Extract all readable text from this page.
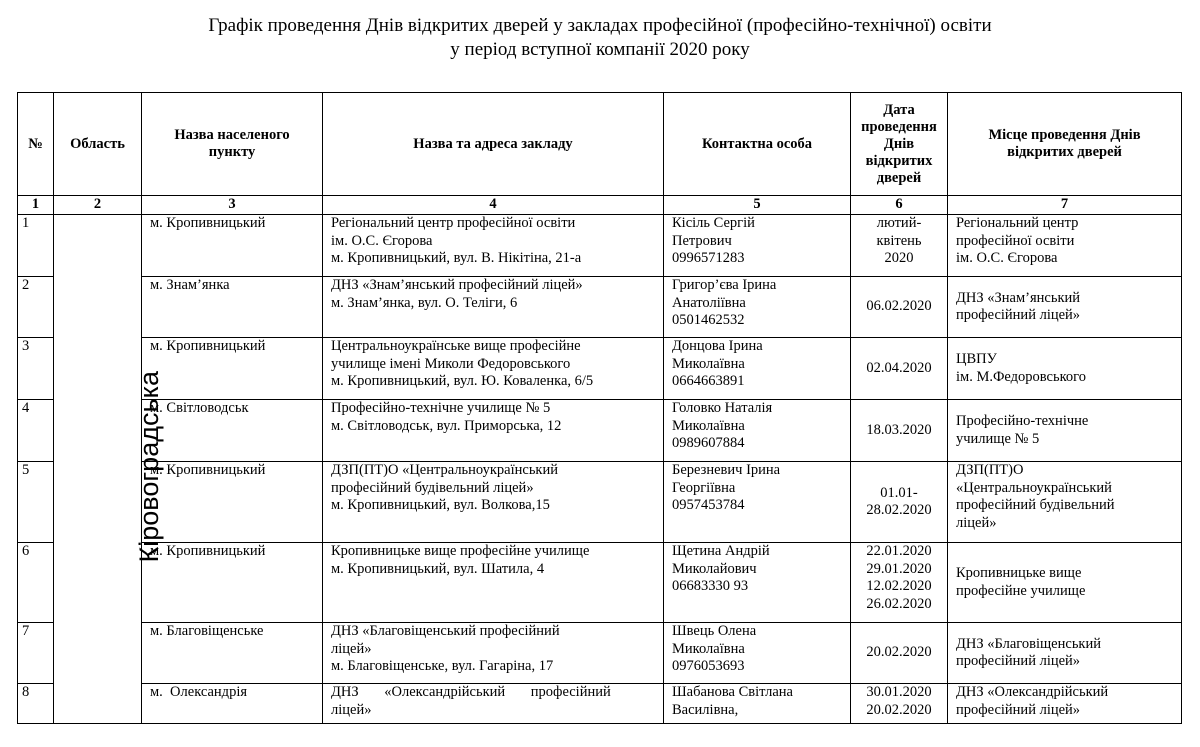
Графік проведення Днів відкритих дверей у закладах професійної (професійно-технічної) освіти
у період вступної компанії 2020 року
№	Область	Назва населеного пункту	Назва та адреса закладу	Контактна особа	Дата проведення Днів відкритих дверей	Місце проведення Днів відкритих дверей
1	2	3	4	5	6	7
1	Кіровоградська	м. Кропивницький	Регіональний центр професійної освіти
ім. О.С. Єгорова
м. Кропивницький, вул. В. Нікітіна, 21-а	Кісіль Сергій
Петрович
0996571283	лютий-
квітень
2020	Регіональний центр
професійної освіти
ім. О.С. Єгорова

2		м. Знам’янка	ДНЗ «Знам’янський професійний ліцей»
м. Знам’янка, вул. О. Телiги, 6	Григор’єва Ірина
Анатоліївна
0501462532	06.02.2020	ДНЗ «Знам’янський
професійний ліцей»

3		м. Кропивницький	Центральноукраїнське вище професійне
училище імені Миколи Федоровського
м. Кропивницький, вул. Ю. Коваленка, 6/5	Донцова Ірина
Миколаївна
0664663891	02.04.2020	ЦВПУ
ім. М.Федоровського

4		м. Світловодськ	Професійно-технічне училище № 5
м. Світловодськ, вул. Приморська, 12	Головко Наталія
Миколаївна
0989607884	18.03.2020	Професійно-технічне
училище № 5

5		м. Кропивницький	ДЗП(ПТ)О «Центральноукраїнський
професійний будівельний ліцей»
м. Кропивницький, вул. Волкова,15	Березневич Ірина
Георгіївна
0957453784	01.01-
28.02.2020	ДЗП(ПТ)О
«Центральноукраїнський
професійний будівельний
ліцей»

6		м. Кропивницький	Кропивницьке вище професійне училище
м. Кропивницький, вул. Шатила, 4	Щетина Андрій
Миколайович
06683330 93	22.01.2020
29.01.2020
12.02.2020
26.02.2020	Кропивницьке вище
професійне училище

7		м. Благовіщенське	ДНЗ «Благовіщенський професійний
ліцей»
м. Благовіщенське, вул. Гагаріна, 17	Швець Олена
Миколаївна
0976053693	20.02.2020	ДНЗ «Благовіщенський
професійний ліцей»

8		м.  Олександрія	ДНЗ «Олександрійський професійний
ліцей»	Шабанова Світлана
Василівна,	30.01.2020
20.02.2020	ДНЗ «Олександрійський
професійний ліцей»
